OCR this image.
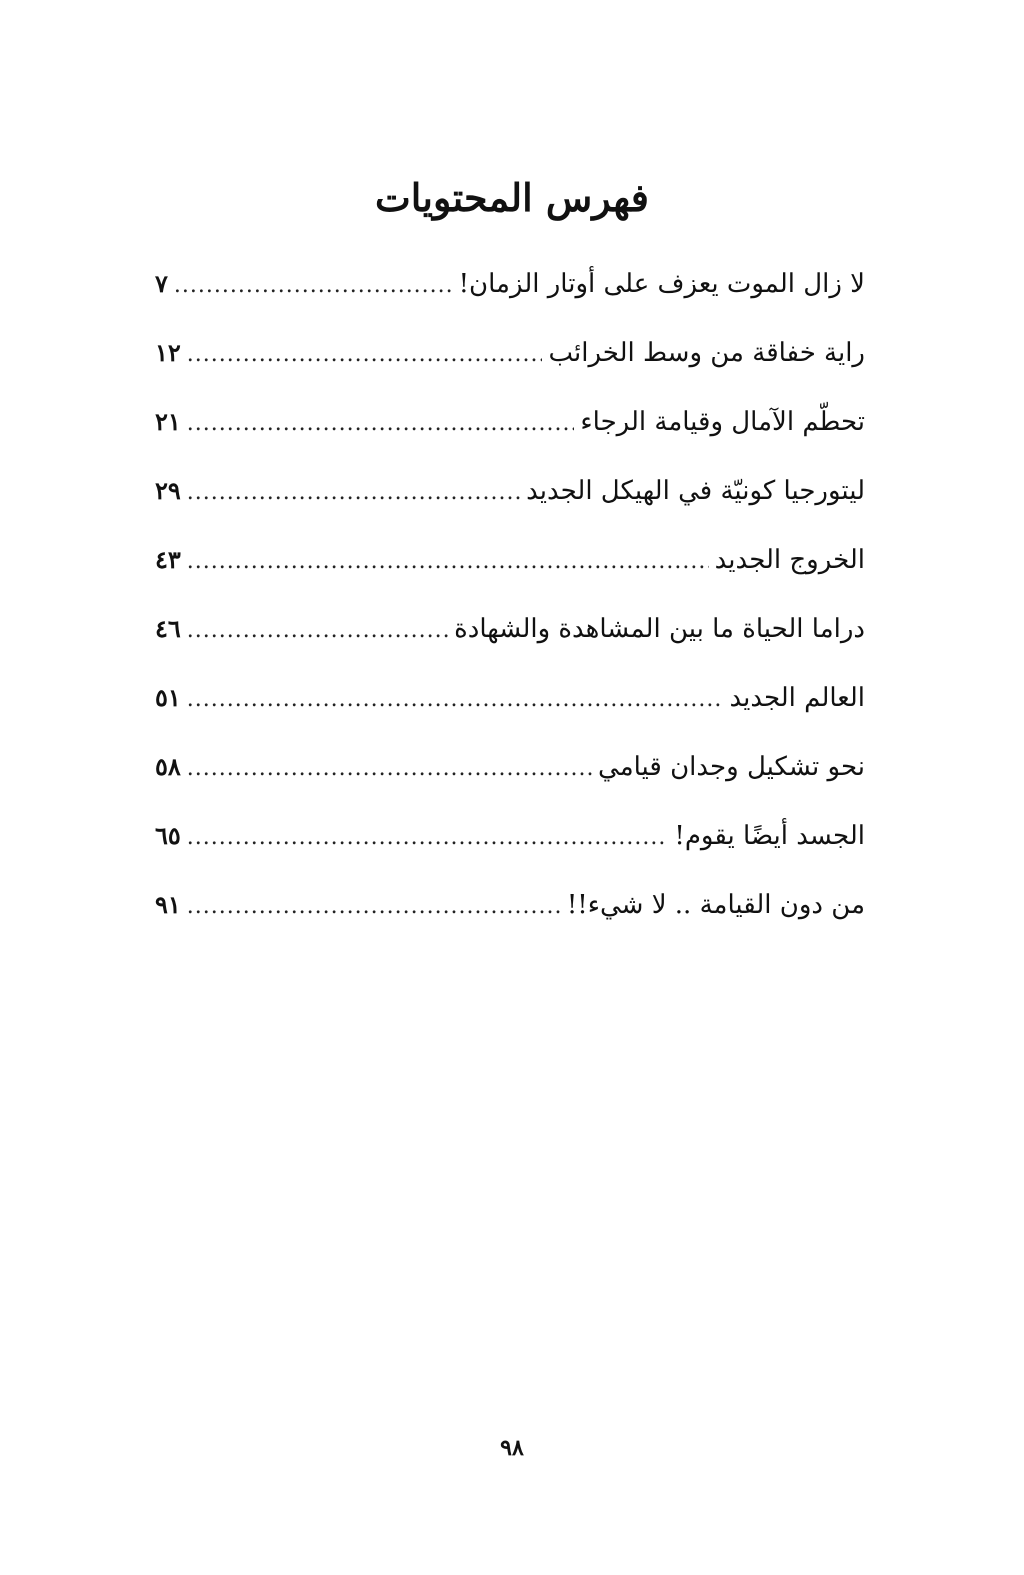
فهرس المحتويات
لا زال الموت يعزف على أوتار الزمان!
.....
٧
راية خفاقة من وسط الخرائب
.....
١٢
تحطّم الآمال وقيامة الرجاء
.....
٢١
ليتورجيا كونيّة في الهيكل الجديد
.....
٢٩
الخروج الجديد
.....
٤٣
دراما الحياة ما بين المشاهدة والشهادة
.....
٤٦
العالم الجديد
.....
٥١
نحو تشكيل وجدان قيامي
.....
٥٨
الجسد أيضًا يقوم!
.....
٦٥
من دون القيامة .. لا شيء!!
.....
٩١
٩٨
